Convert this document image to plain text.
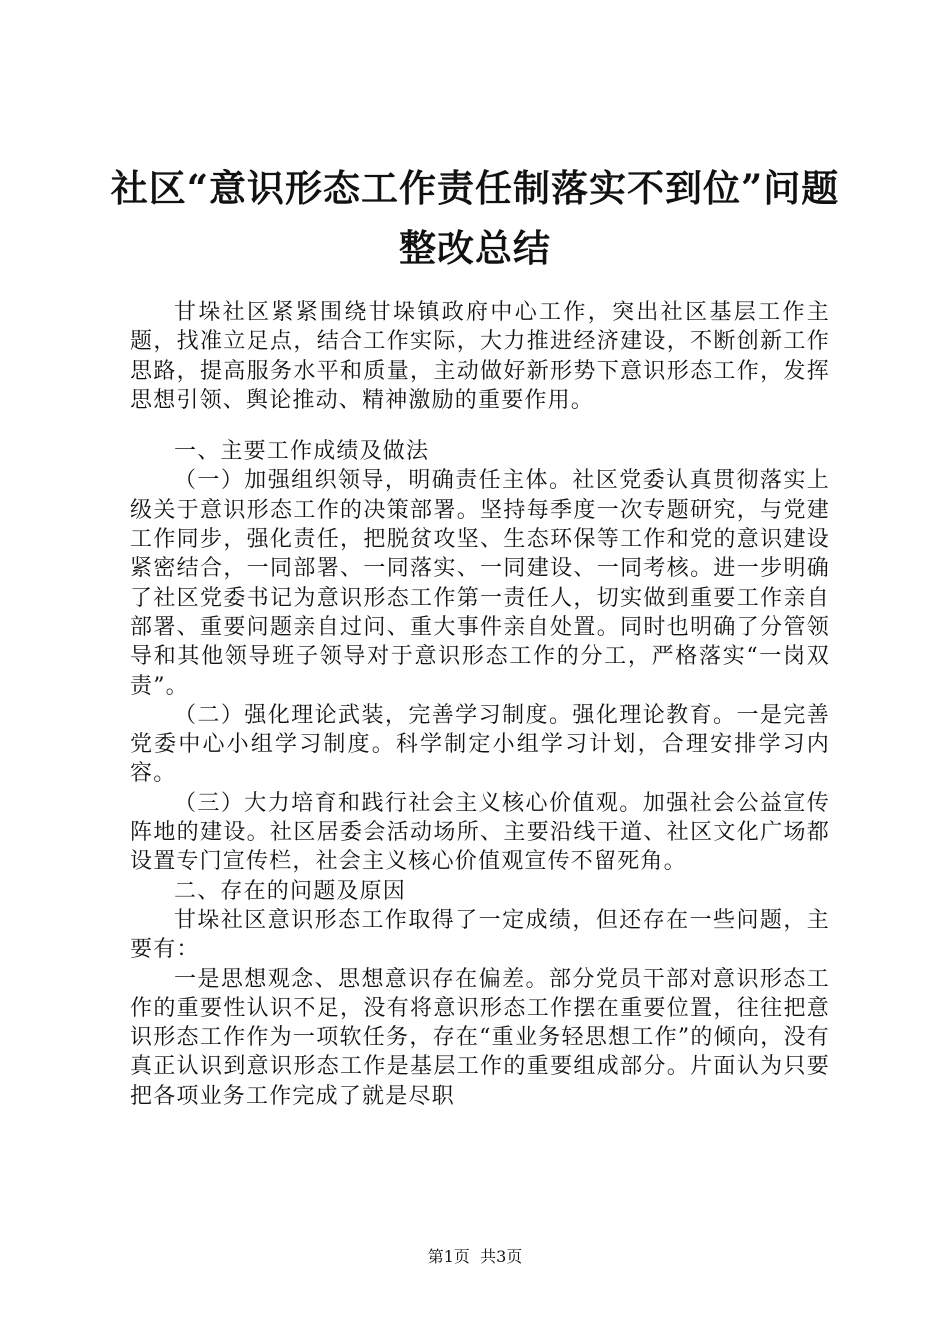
社区“意识形态工作责任制落实不到位”问题
整改总结

甘垛社区紧紧围绕甘垛镇政府中心工作，突出社区基层工作主题，找准立足点，结合工作实际，大力推进经济建设，不断创新工作思路，提高服务水平和质量，主动做好新形势下意识形态工作，发挥思想引领、舆论推动、精神激励的重要作用。

一、主要工作成绩及做法

（一）加强组织领导，明确责任主体。社区党委认真贯彻落实上级关于意识形态工作的决策部署。坚持每季度一次专题研究，与党建工作同步，强化责任，把脱贫攻坚、生态环保等工作和党的意识建设紧密结合，一同部署、一同落实、一同建设、一同考核。进一步明确了社区党委书记为意识形态工作第一责任人，切实做到重要工作亲自部署、重要问题亲自过问、重大事件亲自处置。同时也明确了分管领导和其他领导班子领导对于意识形态工作的分工，严格落实“一岗双责”。

（二）强化理论武装，完善学习制度。强化理论教育。一是完善党委中心小组学习制度。科学制定小组学习计划，合理安排学习内容。

（三）大力培育和践行社会主义核心价值观。加强社会公益宣传阵地的建设。社区居委会活动场所、主要沿线干道、社区文化广场都设置专门宣传栏，社会主义核心价值观宣传不留死角。

二、存在的问题及原因

甘垛社区意识形态工作取得了一定成绩，但还存在一些问题，主要有：

一是思想观念、思想意识存在偏差。部分党员干部对意识形态工作的重要性认识不足，没有将意识形态工作摆在重要位置，往往把意识形态工作作为一项软任务，存在“重业务轻思想工作”的倾向，没有真正认识到意识形态工作是基层工作的重要组成部分。片面认为只要把各项业务工作完成了就是尽职

第1页  共3页
